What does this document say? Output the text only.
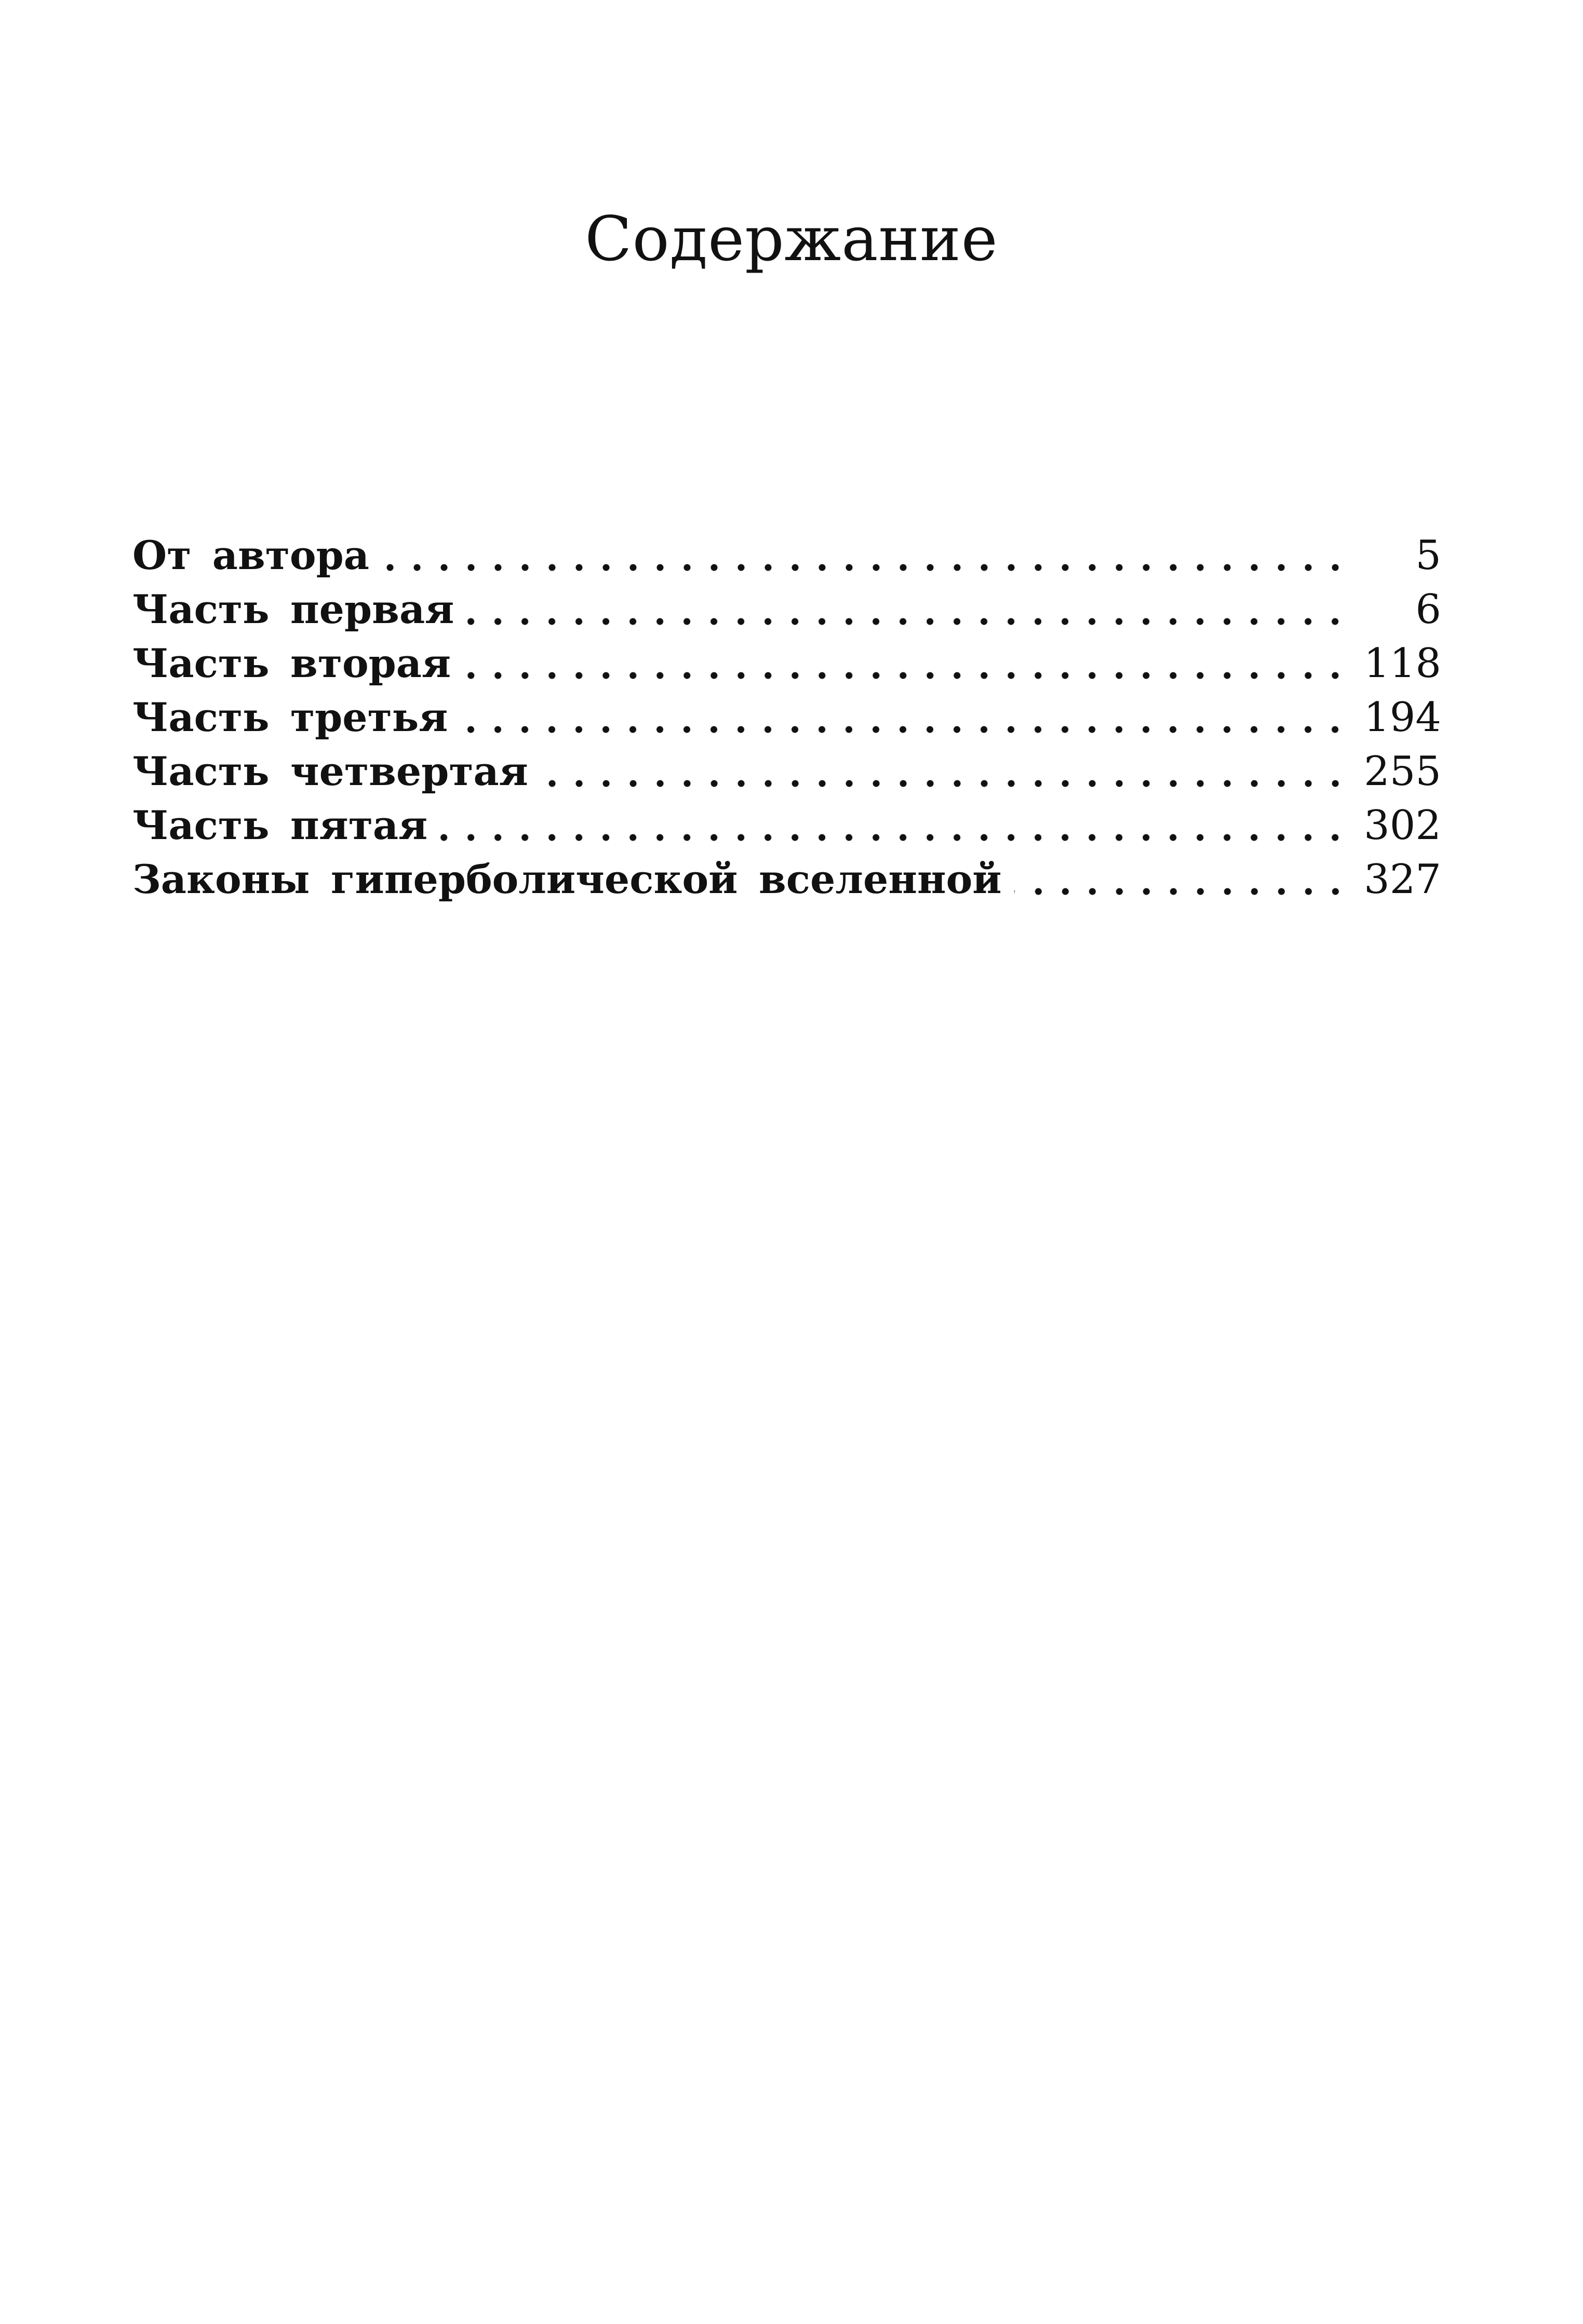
Содержание
От автора	5
Часть первая	6
Часть вторая	118
Часть третья	194
Часть четвертая	255
Часть пятая	302
Законы гиперболической вселенной	327
